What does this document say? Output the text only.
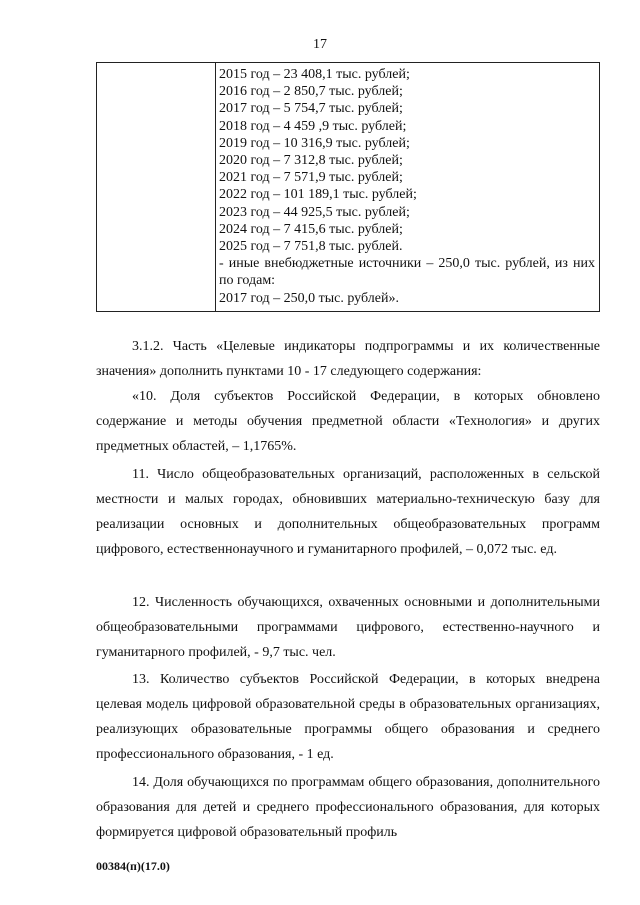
17
2015 год – 23 408,1 тыс. рублей;
2016 год – 2 850,7 тыс. рублей;
2017 год – 5 754,7 тыс. рублей;
2018 год – 4 459 ,9 тыс. рублей;
2019 год – 10 316,9 тыс. рублей;
2020 год – 7 312,8 тыс. рублей;
2021 год – 7 571,9 тыс. рублей;
2022 год – 101 189,1 тыс. рублей;
2023 год – 44 925,5 тыс. рублей;
2024 год – 7 415,6 тыс. рублей;
2025 год – 7 751,8 тыс. рублей.
- иные внебюджетные источники – 250,0 тыс. рублей, из них по годам:
2017 год – 250,0 тыс. рублей».
3.1.2. Часть «Целевые индикаторы подпрограммы и их количественные значения» дополнить пунктами 10 - 17 следующего содержания:
«10. Доля субъектов Российской Федерации, в которых обновлено содержание и методы обучения предметной области «Технология» и других предметных областей, – 1,1765%.
11. Число общеобразовательных организаций, расположенных в сельской местности и малых городах, обновивших материально-техническую базу для реализации основных и дополнительных общеобразовательных программ цифрового, естественнонаучного и гуманитарного профилей, – 0,072 тыс. ед.
12. Численность обучающихся, охваченных основными и дополнительными общеобразовательными программами цифрового, естественно-научного и гуманитарного профилей, - 9,7 тыс. чел.
13. Количество субъектов Российской Федерации, в которых внедрена целевая модель цифровой образовательной среды в образовательных организациях, реализующих образовательные программы общего образования и среднего профессионального образования, - 1 ед.
14. Доля обучающихся по программам общего образования, дополнительного образования для детей и среднего профессионального образования, для которых формируется цифровой образовательный профиль
00384(п)(17.0)
